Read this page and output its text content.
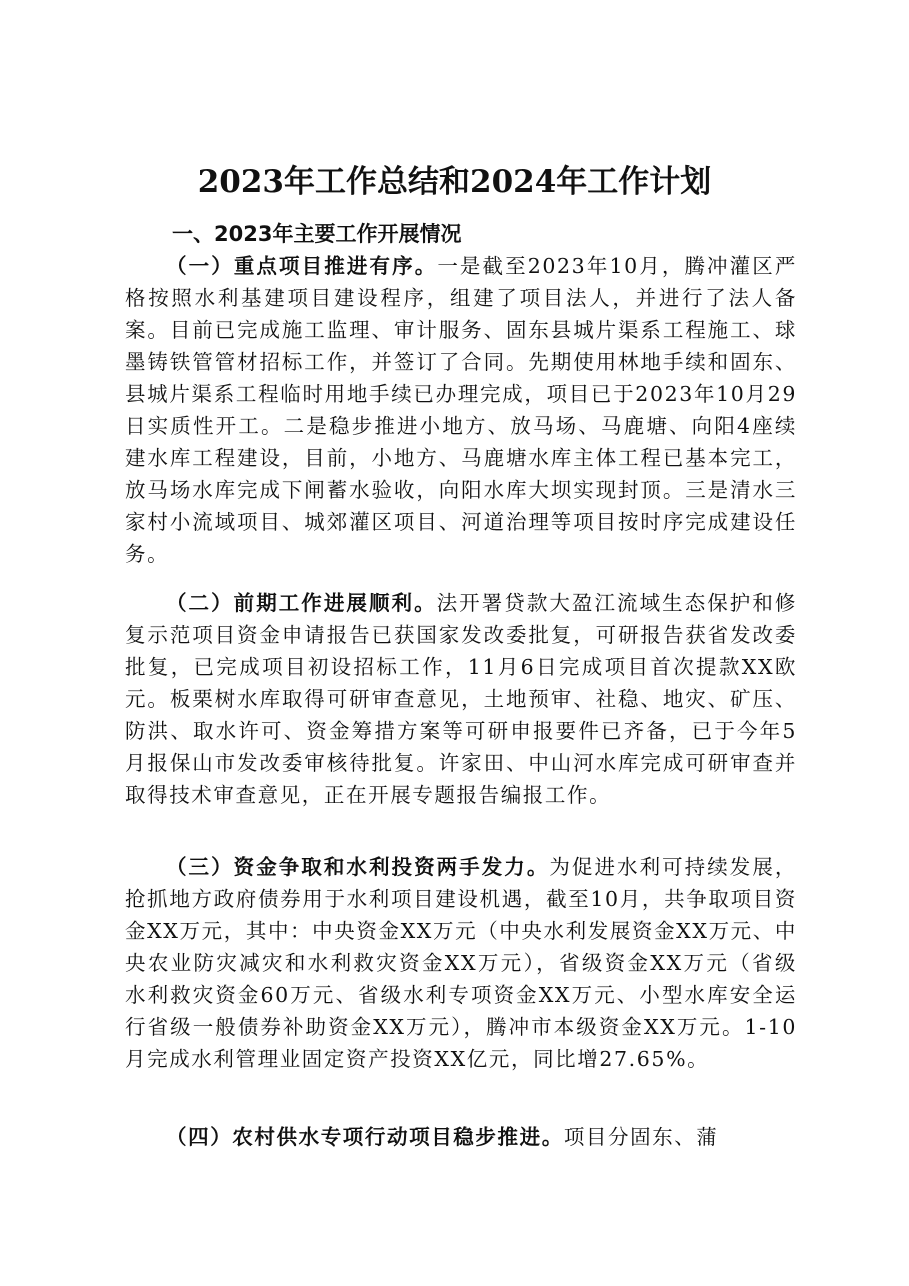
2023年工作总结和2024年工作计划
一、2023年主要工作开展情况

（一）重点项目推进有序。一是截至2023年10月，腾冲灌区严格按照水利基建项目建设程序，组建了项目法人，并进行了法人备案。目前已完成施工监理、审计服务、固东县城片渠系工程施工、球墨铸铁管管材招标工作，并签订了合同。先期使用林地手续和固东、县城片渠系工程临时用地手续已办理完成，项目已于2023年10月29日实质性开工。二是稳步推进小地方、放马场、马鹿塘、向阳4座续建水库工程建设，目前，小地方、马鹿塘水库主体工程已基本完工，放马场水库完成下闸蓄水验收，向阳水库大坝实现封顶。三是清水三家村小流域项目、城郊灌区项目、河道治理等项目按时序完成建设任务。

（二）前期工作进展顺利。法开署贷款大盈江流域生态保护和修复示范项目资金申请报告已获国家发改委批复，可研报告获省发改委批复，已完成项目初设招标工作，11月6日完成项目首次提款XX欧元。板栗树水库取得可研审查意见，土地预审、社稳、地灾、矿压、防洪、取水许可、资金筹措方案等可研申报要件已齐备，已于今年5月报保山市发改委审核待批复。许家田、中山河水库完成可研审查并取得技术审查意见，正在开展专题报告编报工作。

（三）资金争取和水利投资两手发力。为促进水利可持续发展，抢抓地方政府债券用于水利项目建设机遇，截至10月，共争取项目资金XX万元，其中：中央资金XX万元（中央水利发展资金XX万元、中央农业防灾减灾和水利救灾资金XX万元），省级资金XX万元（省级水利救灾资金60万元、省级水利专项资金XX万元、小型水库安全运行省级一般债券补助资金XX万元），腾冲市本级资金XX万元。1-10月完成水利管理业固定资产投资XX亿元，同比增27.65%。

（四）农村供水专项行动项目稳步推进。项目分固东、蒲
